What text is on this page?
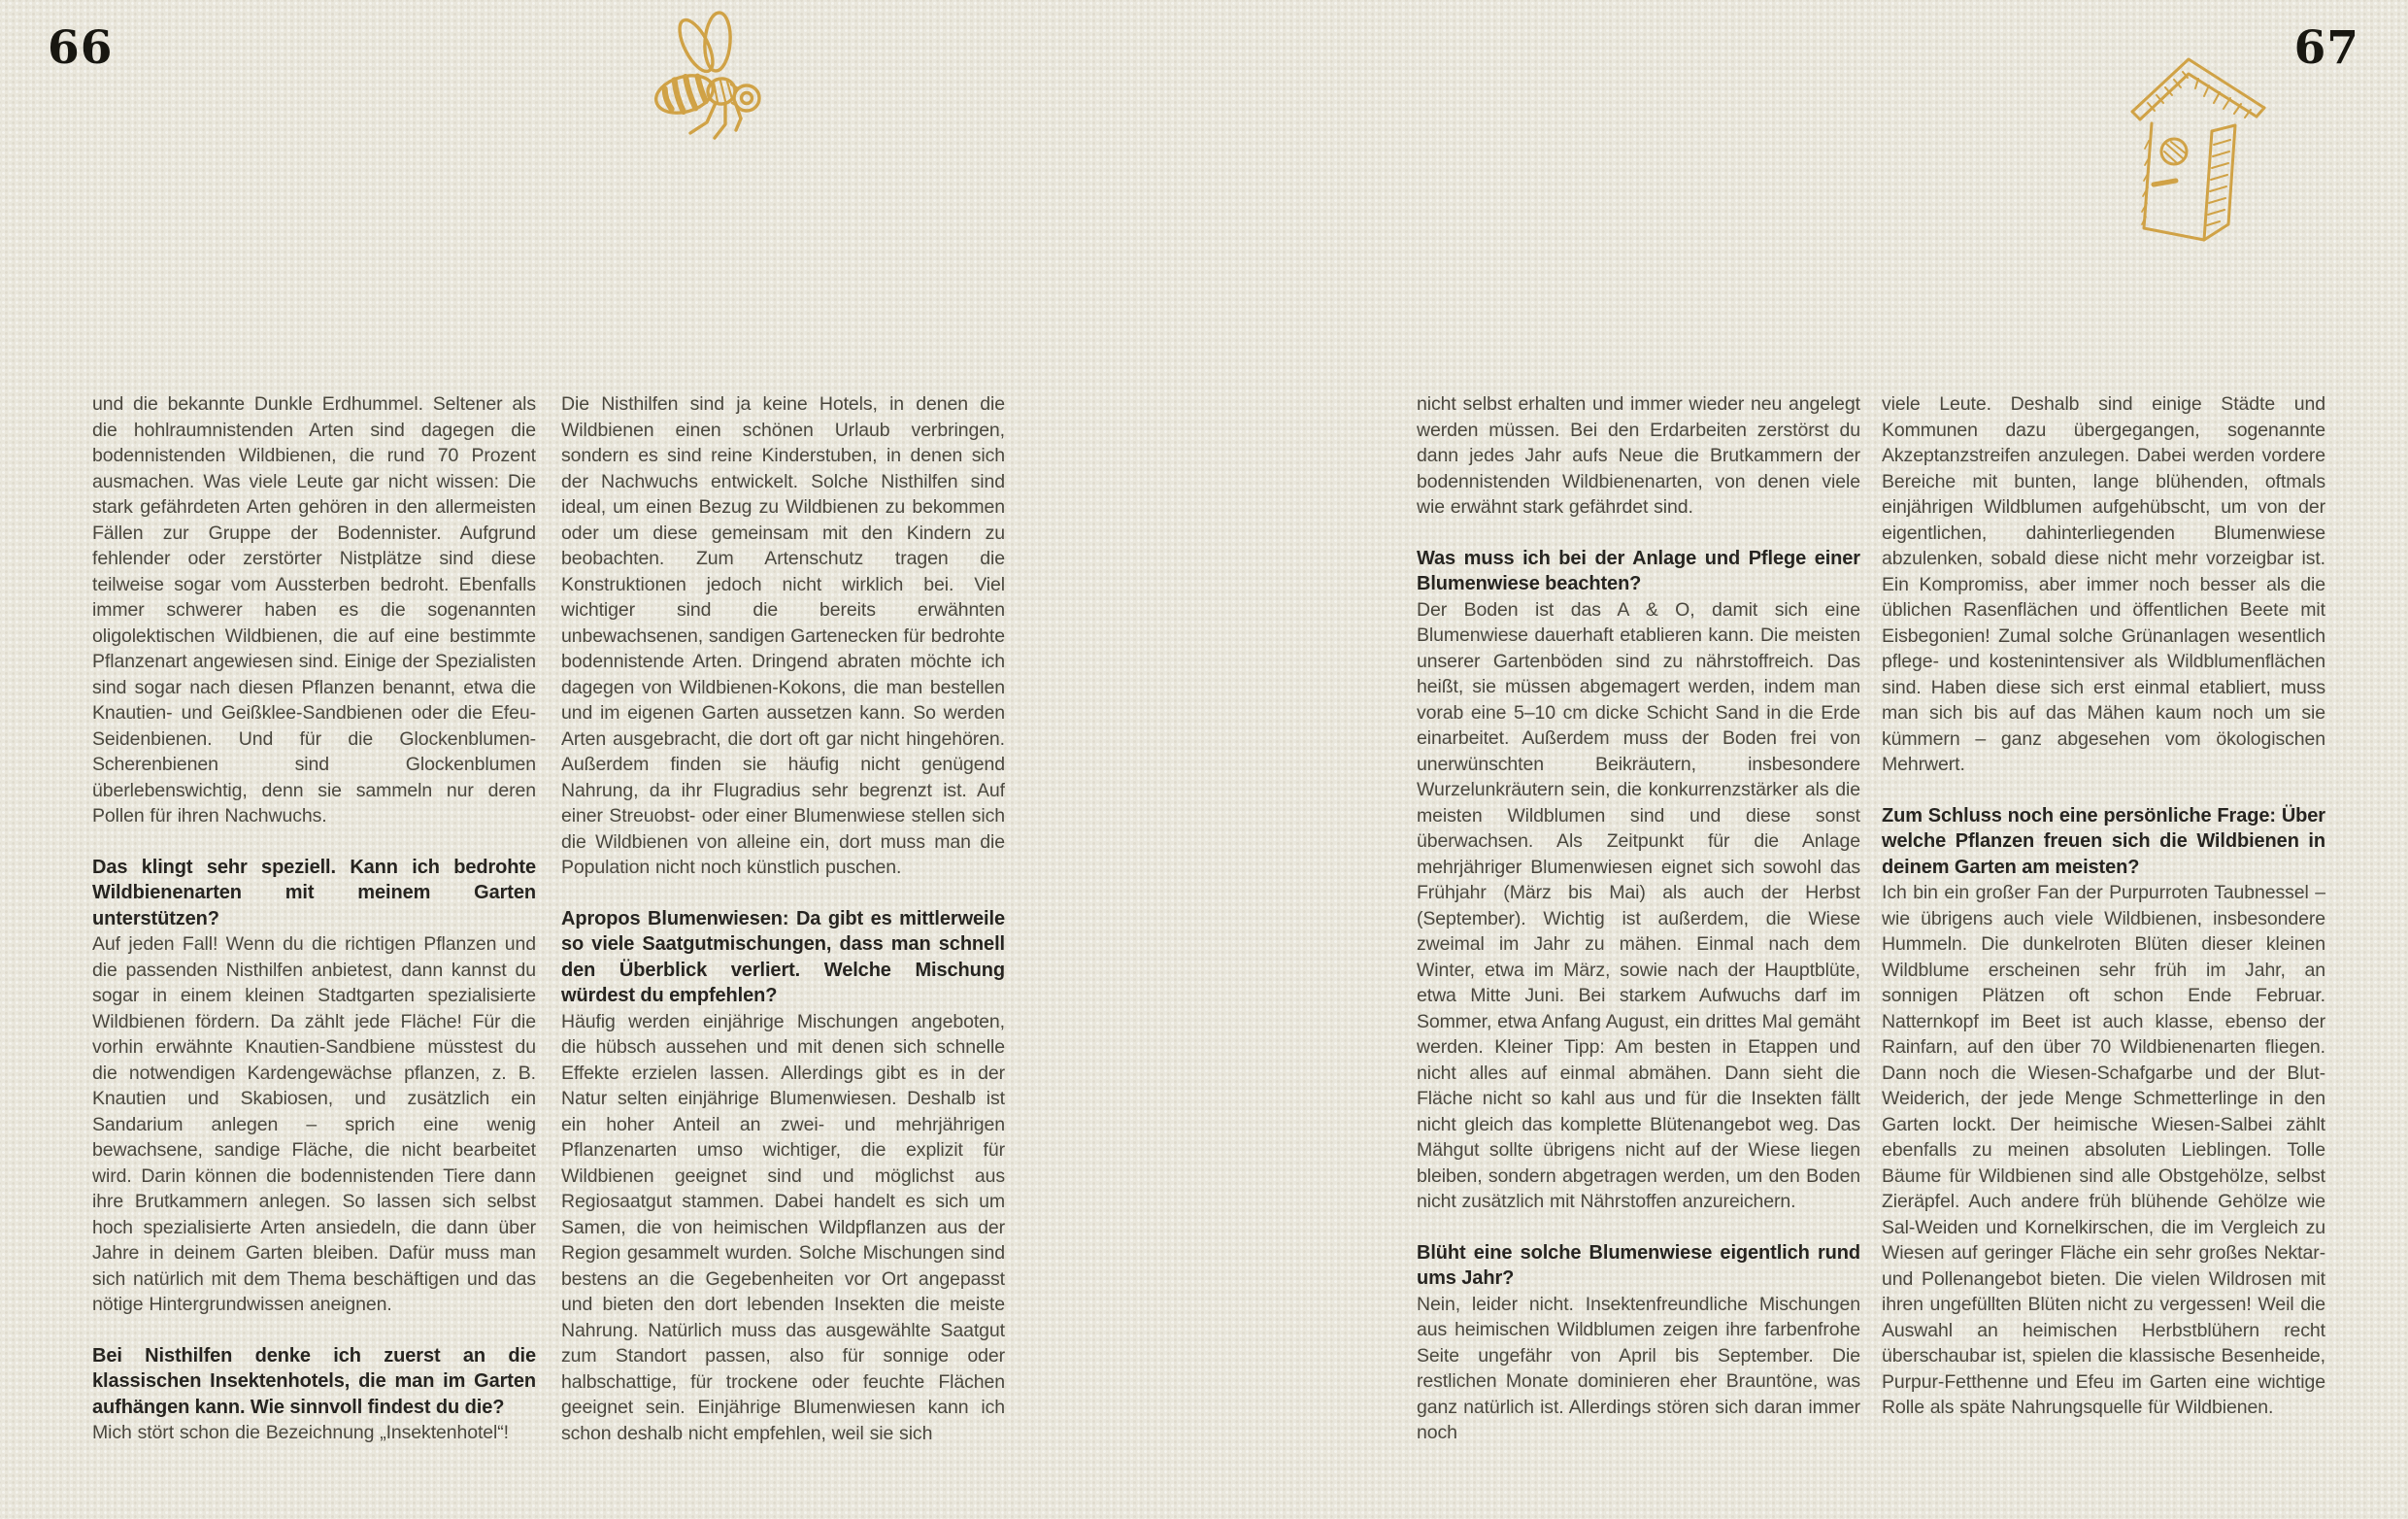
66

und die bekannte Dunkle Erdhummel. Seltener als die hohlraumnistenden Arten sind dagegen die bodennistenden Wildbienen, die rund 70 Prozent ausmachen. Was viele Leute gar nicht wissen: Die stark gefährdeten Arten gehören in den allermeisten Fällen zur Gruppe der Bodennister. Aufgrund fehlender oder zerstörter Nistplätze sind diese teilweise sogar vom Aussterben bedroht. Ebenfalls immer schwerer haben es die sogenannten oligolektischen Wildbienen, die auf eine bestimmte Pflanzenart angewiesen sind. Einige der Spezialisten sind sogar nach diesen Pflanzen benannt, etwa die Knautien- und Geißklee-Sandbienen oder die Efeu-Seidenbienen. Und für die Glockenblumen-Scherenbienen sind Glockenblumen überlebenswichtig, denn sie sammeln nur deren Pollen für ihren Nachwuchs.

Das klingt sehr speziell. Kann ich bedrohte Wildbienenarten mit meinem Garten unterstützen?

Auf jeden Fall! Wenn du die richtigen Pflanzen und die passenden Nisthilfen anbietest, dann kannst du sogar in einem kleinen Stadtgarten spezialisierte Wildbienen fördern. Da zählt jede Fläche! Für die vorhin erwähnte Knautien-Sandbiene müsstest du die notwendigen Kardengewächse pflanzen, z. B. Knautien und Skabiosen, und zusätzlich ein Sandarium anlegen – sprich eine wenig bewachsene, sandige Fläche, die nicht bearbeitet wird. Darin können die bodennistenden Tiere dann ihre Brutkammern anlegen. So lassen sich selbst hoch spezialisierte Arten ansiedeln, die dann über Jahre in deinem Garten bleiben. Dafür muss man sich natürlich mit dem Thema beschäftigen und das nötige Hintergrundwissen aneignen.

Bei Nisthilfen denke ich zuerst an die klassischen Insektenhotels, die man im Garten aufhängen kann. Wie sinnvoll findest du die?

Mich stört schon die Bezeichnung „Insektenhotel“!

Die Nisthilfen sind ja keine Hotels, in denen die Wildbienen einen schönen Urlaub verbringen, sondern es sind reine Kinderstuben, in denen sich der Nachwuchs entwickelt. Solche Nisthilfen sind ideal, um einen Bezug zu Wildbienen zu bekommen oder um diese gemeinsam mit den Kindern zu beobachten. Zum Artenschutz tragen die Konstruktionen jedoch nicht wirklich bei. Viel wichtiger sind die bereits erwähnten unbewachsenen, sandigen Gartenecken für bedrohte bodennistende Arten. Dringend abraten möchte ich dagegen von Wildbienen-Kokons, die man bestellen und im eigenen Garten aussetzen kann. So werden Arten ausgebracht, die dort oft gar nicht hingehören. Außerdem finden sie häufig nicht genügend Nahrung, da ihr Flugradius sehr begrenzt ist. Auf einer Streuobst- oder einer Blumenwiese stellen sich die Wildbienen von alleine ein, dort muss man die Population nicht noch künstlich puschen.

Apropos Blumenwiesen: Da gibt es mittlerweile so viele Saatgutmischungen, dass man schnell den Überblick verliert. Welche Mischung würdest du empfehlen?

Häufig werden einjährige Mischungen angeboten, die hübsch aussehen und mit denen sich schnelle Effekte erzielen lassen. Allerdings gibt es in der Natur selten einjährige Blumenwiesen. Deshalb ist ein hoher Anteil an zwei- und mehrjährigen Pflanzenarten umso wichtiger, die explizit für Wildbienen geeignet sind und möglichst aus Regiosaatgut stammen. Dabei handelt es sich um Samen, die von heimischen Wildpflanzen aus der Region gesammelt wurden. Solche Mischungen sind bestens an die Gegebenheiten vor Ort angepasst und bieten den dort lebenden Insekten die meiste Nahrung. Natürlich muss das ausgewählte Saatgut zum Standort passen, also für sonnige oder halbschattige, für trockene oder feuchte Flächen geeignet sein. Einjährige Blumenwiesen kann ich schon deshalb nicht empfehlen, weil sie sich

67

nicht selbst erhalten und immer wieder neu angelegt werden müssen. Bei den Erdarbeiten zerstörst du dann jedes Jahr aufs Neue die Brutkammern der bodennistenden Wildbienenarten, von denen viele wie erwähnt stark gefährdet sind.

Was muss ich bei der Anlage und Pflege einer Blumenwiese beachten?

Der Boden ist das A & O, damit sich eine Blumenwiese dauerhaft etablieren kann. Die meisten unserer Gartenböden sind zu nährstoffreich. Das heißt, sie müssen abgemagert werden, indem man vorab eine 5–10 cm dicke Schicht Sand in die Erde einarbeitet. Außerdem muss der Boden frei von unerwünschten Beikräutern, insbesondere Wurzelunkräutern sein, die konkurrenzstärker als die meisten Wildblumen sind und diese sonst überwachsen. Als Zeitpunkt für die Anlage mehrjähriger Blumenwiesen eignet sich sowohl das Frühjahr (März bis Mai) als auch der Herbst (September). Wichtig ist außerdem, die Wiese zweimal im Jahr zu mähen. Einmal nach dem Winter, etwa im März, sowie nach der Hauptblüte, etwa Mitte Juni. Bei starkem Aufwuchs darf im Sommer, etwa Anfang August, ein drittes Mal gemäht werden. Kleiner Tipp: Am besten in Etappen und nicht alles auf einmal abmähen. Dann sieht die Fläche nicht so kahl aus und für die Insekten fällt nicht gleich das komplette Blütenangebot weg. Das Mähgut sollte übrigens nicht auf der Wiese liegen bleiben, sondern abgetragen werden, um den Boden nicht zusätzlich mit Nährstoffen anzureichern.

Blüht eine solche Blumenwiese eigentlich rund ums Jahr?

Nein, leider nicht. Insektenfreundliche Mischungen aus heimischen Wildblumen zeigen ihre farbenfrohe Seite ungefähr von April bis September. Die restlichen Monate dominieren eher Brauntöne, was ganz natürlich ist. Allerdings stören sich daran immer noch

viele Leute. Deshalb sind einige Städte und Kommunen dazu übergegangen, sogenannte Akzeptanzstreifen anzulegen. Dabei werden vordere Bereiche mit bunten, lange blühenden, oftmals einjährigen Wildblumen aufgehübscht, um von der eigentlichen, dahinterliegenden Blumenwiese abzulenken, sobald diese nicht mehr vorzeigbar ist. Ein Kompromiss, aber immer noch besser als die üblichen Rasenflächen und öffentlichen Beete mit Eisbegonien! Zumal solche Grünanlagen wesentlich pflege- und kostenintensiver als Wildblumenflächen sind. Haben diese sich erst einmal etabliert, muss man sich bis auf das Mähen kaum noch um sie kümmern – ganz abgesehen vom ökologischen Mehrwert.

Zum Schluss noch eine persönliche Frage: Über welche Pflanzen freuen sich die Wildbienen in deinem Garten am meisten?

Ich bin ein großer Fan der Purpurroten Taubnessel – wie übrigens auch viele Wildbienen, insbesondere Hummeln. Die dunkelroten Blüten dieser kleinen Wildblume erscheinen sehr früh im Jahr, an sonnigen Plätzen oft schon Ende Februar. Natternkopf im Beet ist auch klasse, ebenso der Rainfarn, auf den über 70 Wildbienenarten fliegen. Dann noch die Wiesen-Schafgarbe und der Blut-Weiderich, der jede Menge Schmetterlinge in den Garten lockt. Der heimische Wiesen-Salbei zählt ebenfalls zu meinen absoluten Lieblingen. Tolle Bäume für Wildbienen sind alle Obstgehölze, selbst Zieräpfel. Auch andere früh blühende Gehölze wie Sal-Weiden und Kornelkirschen, die im Vergleich zu Wiesen auf geringer Fläche ein sehr großes Nektar- und Pollenangebot bieten. Die vielen Wildrosen mit ihren ungefüllten Blüten nicht zu vergessen! Weil die Auswahl an heimischen Herbstblühern recht überschaubar ist, spielen die klassische Besenheide, Purpur-Fetthenne und Efeu im Garten eine wichtige Rolle als späte Nahrungsquelle für Wildbienen.
